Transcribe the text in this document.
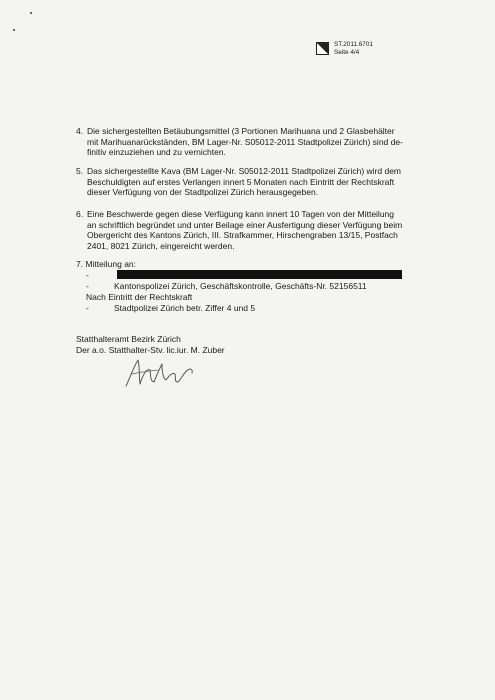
ST.2011.6701
Seite 4/4
4. Die sichergestellten Betäubungsmittel (3 Portionen Marihuana und 2 Glasbehälter
mit Marihuanarückständen, BM Lager-Nr. S05012-2011 Stadtpolizei Zürich) sind de-
finitiv einzuziehen und zu vernichten.
5. Das sichergestellte Kava (BM Lager-Nr. S05012-2011 Stadtpolizei Zürich) wird dem
Beschuldigten auf erstes Verlangen innert 5 Monaten nach Eintritt der Rechtskraft
dieser Verfügung von der Stadtpolizei Zürich herausgegeben.
6. Eine Beschwerde gegen diese Verfügung kann innert 10 Tagen von der Mitteilung
an schriftlich begründet und unter Beilage einer Ausfertigung dieser Verfügung beim
Obergericht des Kantons Zürich, III. Strafkammer, Hirschengraben 13/15, Postfach
2401, 8021 Zürich, eingereicht werden.
7. Mitteilung an:
-
-	Kantonspolizei Zürich, Geschäftskontrolle, Geschäfts-Nr. 52156511
Nach Eintritt der Rechtskraft
-	Stadtpolizei Zürich betr. Ziffer 4 und 5
Statthalteramt Bezirk Zürich
Der a.o. Statthalter-Stv. lic.iur. M. Zuber
